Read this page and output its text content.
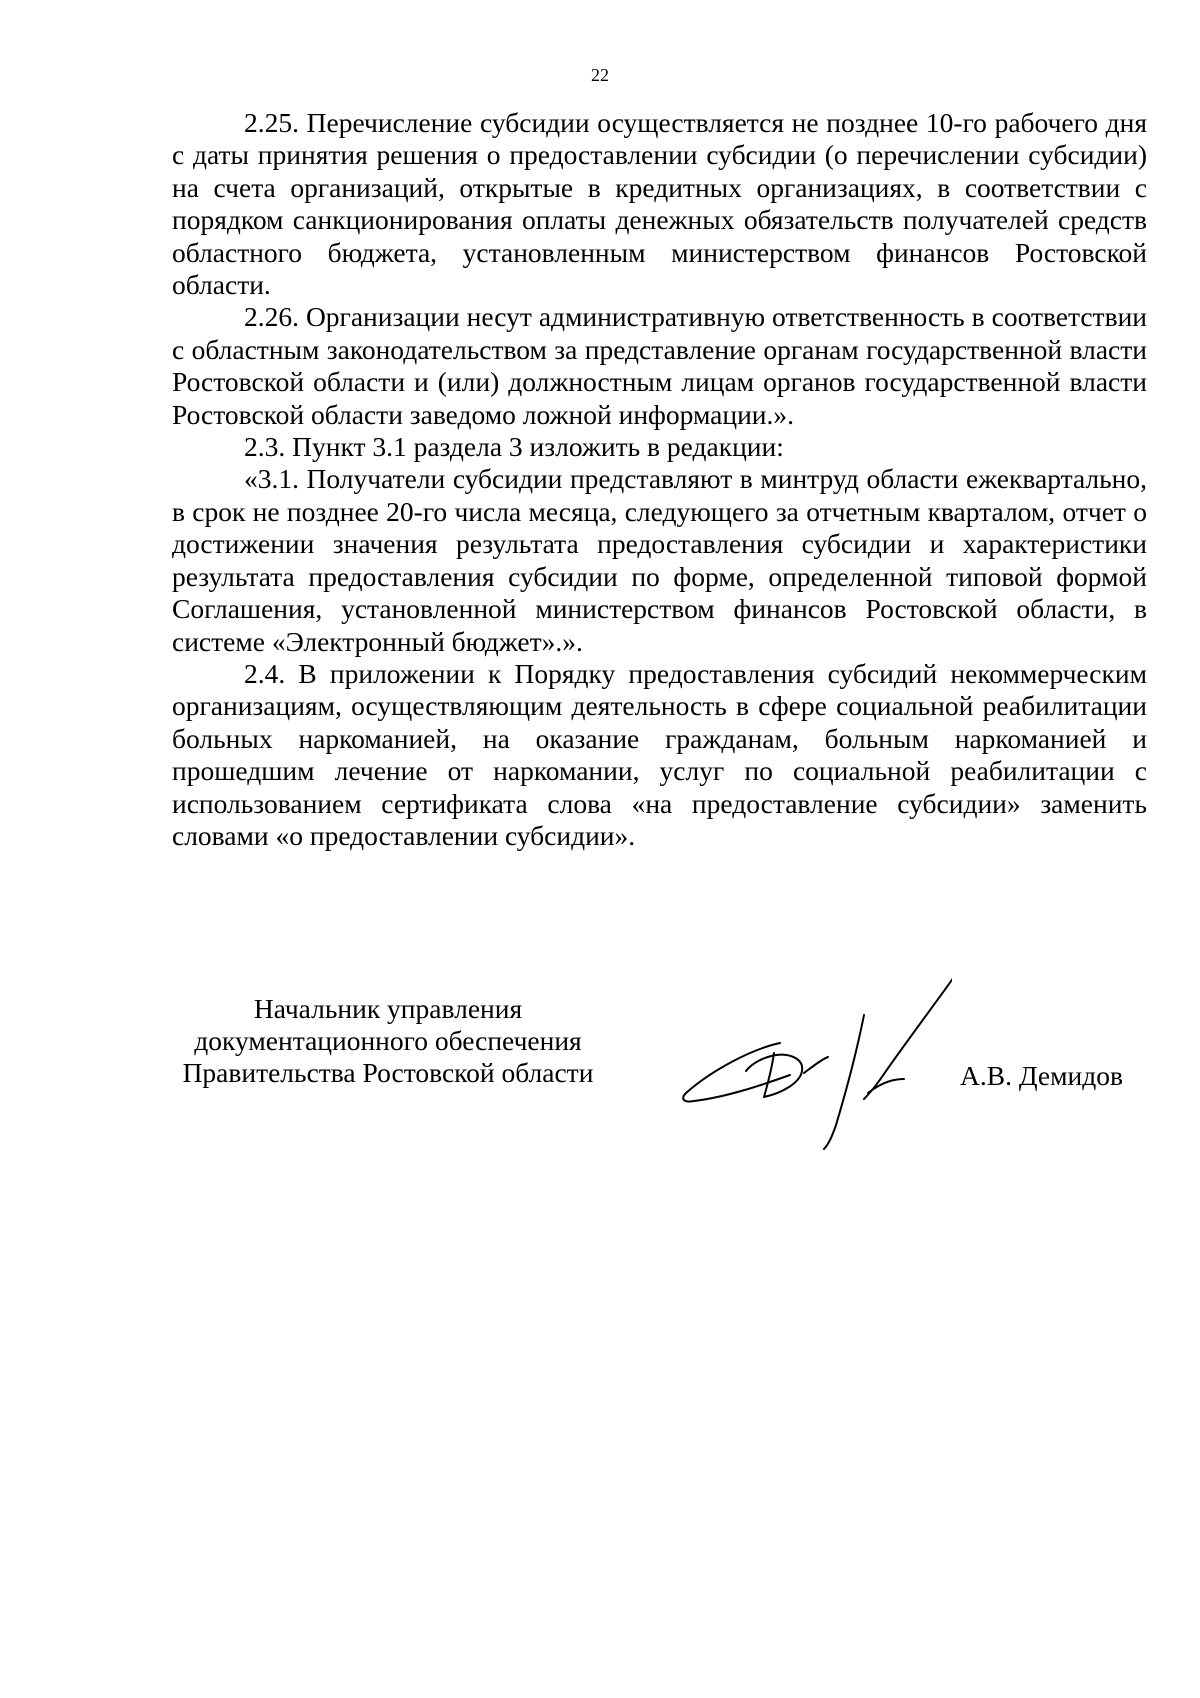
22

2.25. Перечисление субсидии осуществляется не позднее 10-го рабочего дня с даты принятия решения о предоставлении субсидии (о перечислении субсидии) на счета организаций, открытые в кредитных организациях, в соответствии с порядком санкционирования оплаты денежных обязательств получателей средств областного бюджета, установленным министерством финансов Ростовской области.

2.26. Организации несут административную ответственность в соответствии с областным законодательством за представление органам государственной власти Ростовской области и (или) должностным лицам органов государственной власти Ростовской области заведомо ложной информации.».

2.3. Пункт 3.1 раздела 3 изложить в редакции:

«3.1. Получатели субсидии представляют в минтруд области ежеквартально, в срок не позднее 20-го числа месяца, следующего за отчетным кварталом, отчет о достижении значения результата предоставления субсидии и характеристики результата предоставления субсидии по форме, определенной типовой формой Соглашения, установленной министерством финансов Ростовской области, в системе «Электронный бюджет».».

2.4. В приложении к Порядку предоставления субсидий некоммерческим организациям, осуществляющим деятельность в сфере социальной реабилитации больных наркоманией, на оказание гражданам, больным наркоманией и прошедшим лечение от наркомании, услуг по социальной реабилитации с использованием сертификата слова «на предоставление субсидии» заменить словами «о предоставлении субсидии».

Начальник управления
документационного обеспечения
Правительства Ростовской области	А.В. Демидов
